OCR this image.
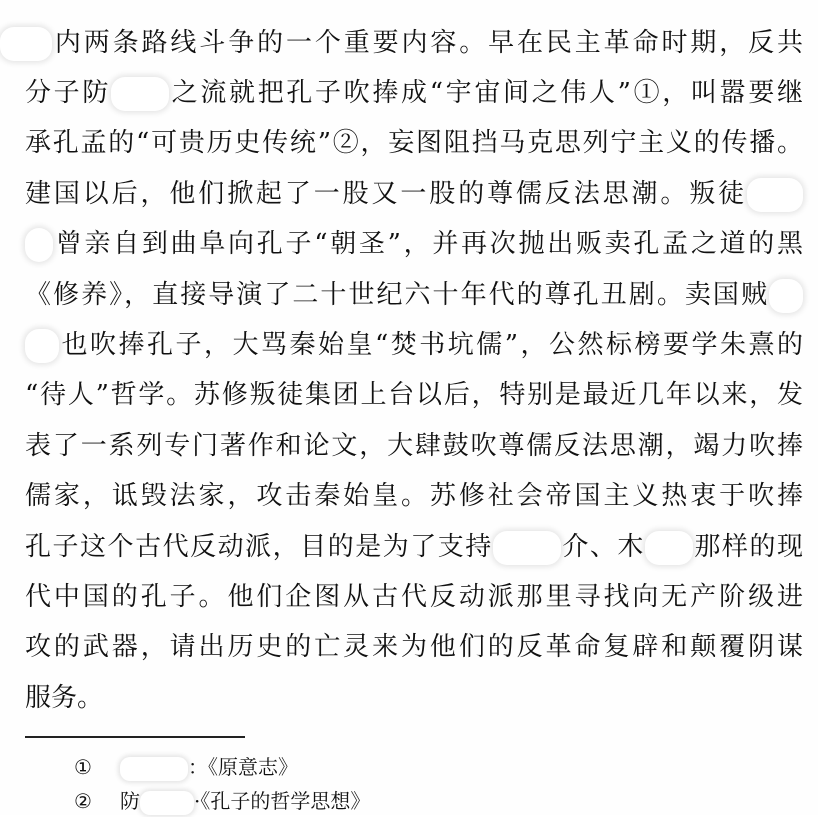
内两条路线斗争的一个重要内容。早在民主革命时期，反共
分子防 之流就把孔子吹捧成“宇宙间之伟人”①，叫嚣要继
承孔孟的“可贵历史传统”②，妄图阻挡马克思列宁主义的传播。
建国以后，他们掀起了一股又一股的尊儒反法思潮。叛徒
曾亲自到曲阜向孔子“朝圣”，并再次抛出贩卖孔孟之道的黑
《修养》，直接导演了二十世纪六十年代的尊孔丑剧。卖国贼
也吹捧孔子，大骂秦始皇“焚书坑儒”，公然标榜要学朱熹的
“待人”哲学。苏修叛徒集团上台以后，特别是最近几年以来，发
表了一系列专门著作和论文，大肆鼓吹尊儒反法思潮，竭力吹捧
儒家，诋毁法家，攻击秦始皇。苏修社会帝国主义热衷于吹捧
孔子这个古代反动派，目的是为了支持	介、木 那样的现
代中国的孔子。他们企图从古代反动派那里寻找向无产阶级进
攻的武器，请出历史的亡灵来为他们的反革命复辟和颠覆阴谋
服务。
①	：《原意志》
② 防	·《孔子的哲学思想》
